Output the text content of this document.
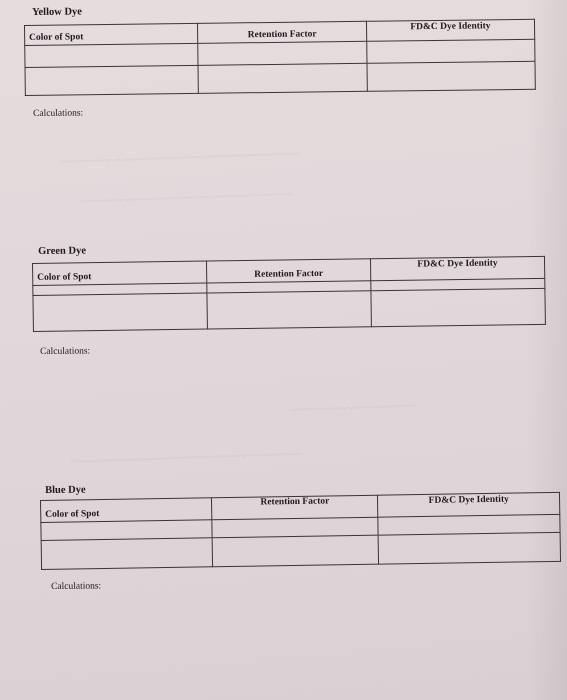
~~~~~~~~~~~~~~~~~~~~~~~~~~~~~~~~~~
~~~~~~~~~~~~~~~~~~~~~~~~~~~~~~
~~~~~~~~~~~~~~~~~~
~~~~~~~~~~~~~~~~~~~~~~~~~~~~~~~~~
Yellow Dye
Color of Spot	Retention Factor	FD&C Dye Identity

Calculations:
Green Dye
Color of Spot	Retention Factor	FD&C Dye Identity

Calculations:
Blue Dye
Color of Spot	Retention Factor	FD&C Dye Identity

Calculations:
